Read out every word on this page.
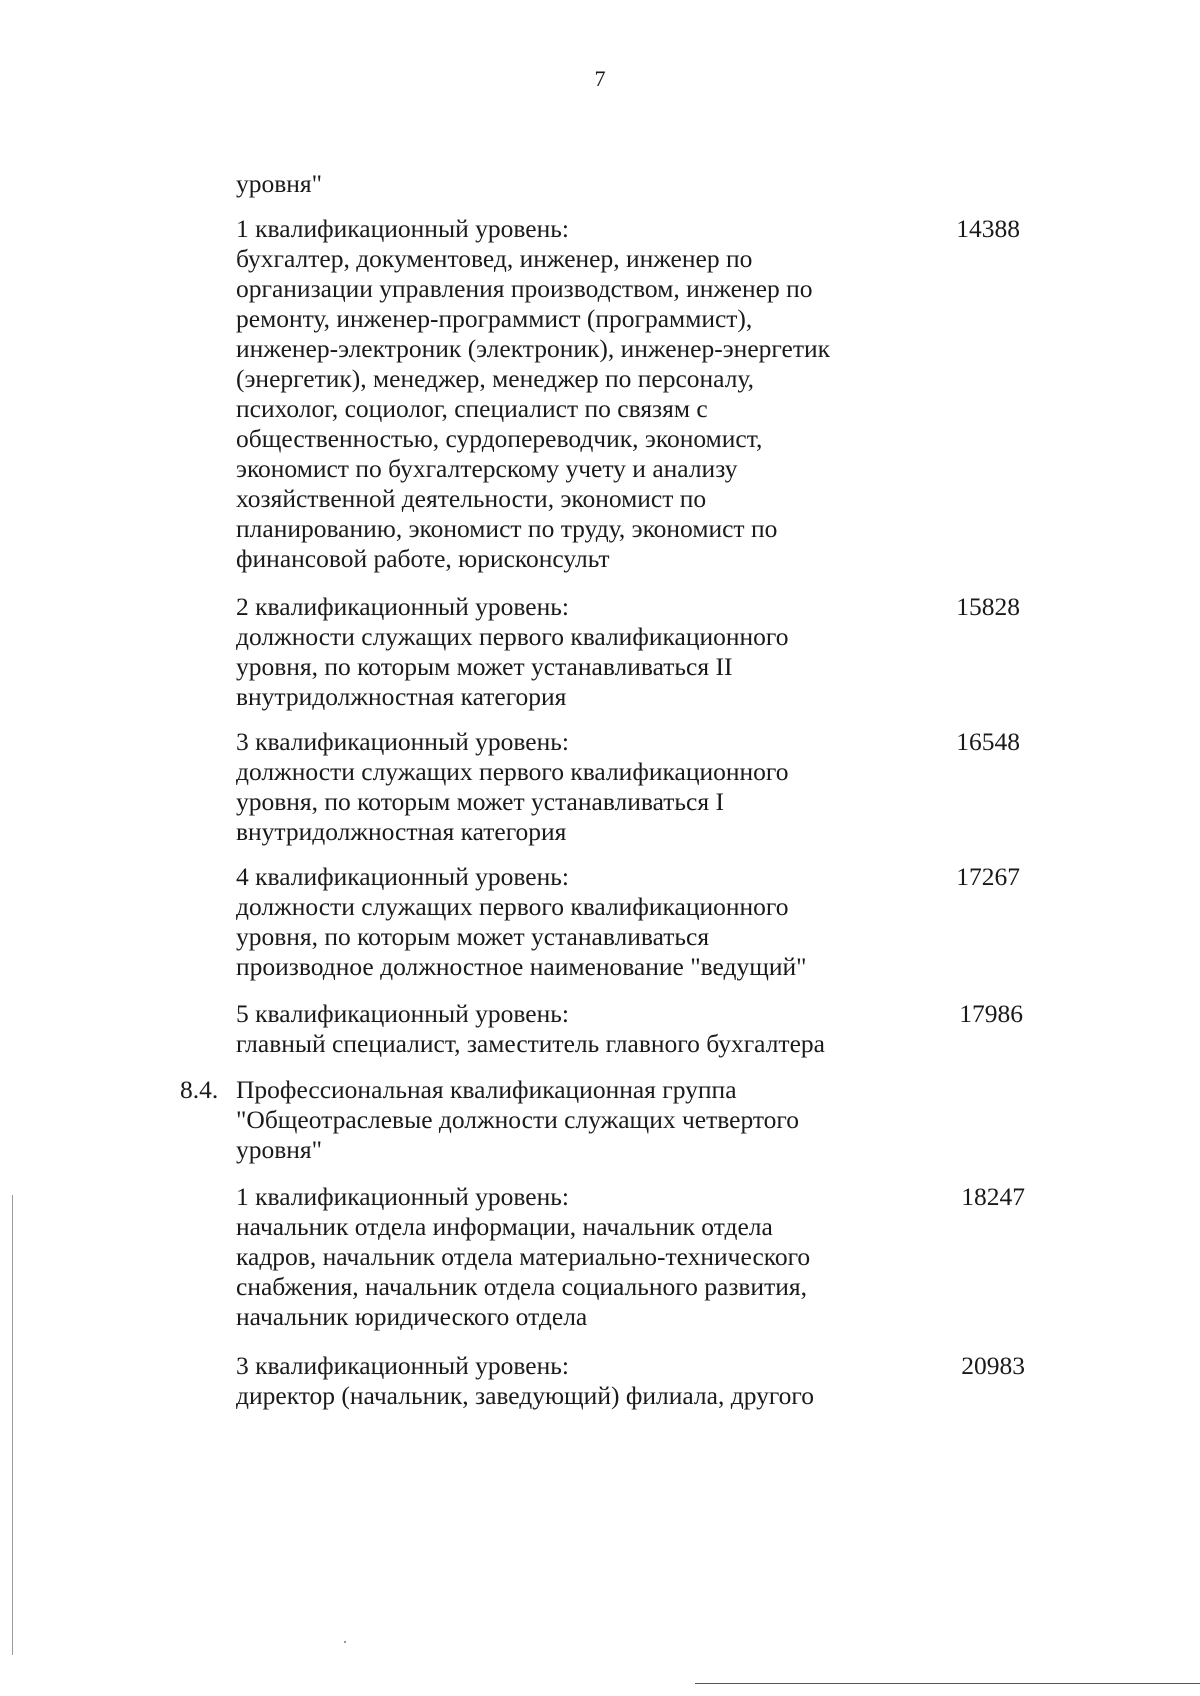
7
уровня"
1 квалификационный уровень:
бухгалтер, документовед, инженер, инженер по
организации управления производством, инженер по
ремонту, инженер-программист (программист),
инженер-электроник (электроник), инженер-энергетик
(энергетик), менеджер, менеджер по персоналу,
психолог, социолог, специалист по связям с
общественностью, сурдопереводчик, экономист,
экономист по бухгалтерскому учету и анализу
хозяйственной деятельности, экономист по
планированию, экономист по труду, экономист по
финансовой работе, юрисконсульт
2 квалификационный уровень:
должности служащих первого квалификационного
уровня, по которым может устанавливаться II
внутридолжностная категория
3 квалификационный уровень:
должности служащих первого квалификационного
уровня, по которым может устанавливаться I
внутридолжностная категория
4 квалификационный уровень:
должности служащих первого квалификационного
уровня, по которым может устанавливаться
производное должностное наименование "ведущий"
5 квалификационный уровень:
главный специалист, заместитель главного бухгалтера
8.4. Профессиональная квалификационная группа
"Общеотраслевые должности служащих четвертого
уровня"
1 квалификационный уровень:
начальник отдела информации, начальник отдела
кадров, начальник отдела материально-технического
снабжения, начальник отдела социального развития,
начальник юридического отдела
3 квалификационный уровень:
директор (начальник, заведующий) филиала, другого
14388
15828
16548
17267
17986
18247
20983
